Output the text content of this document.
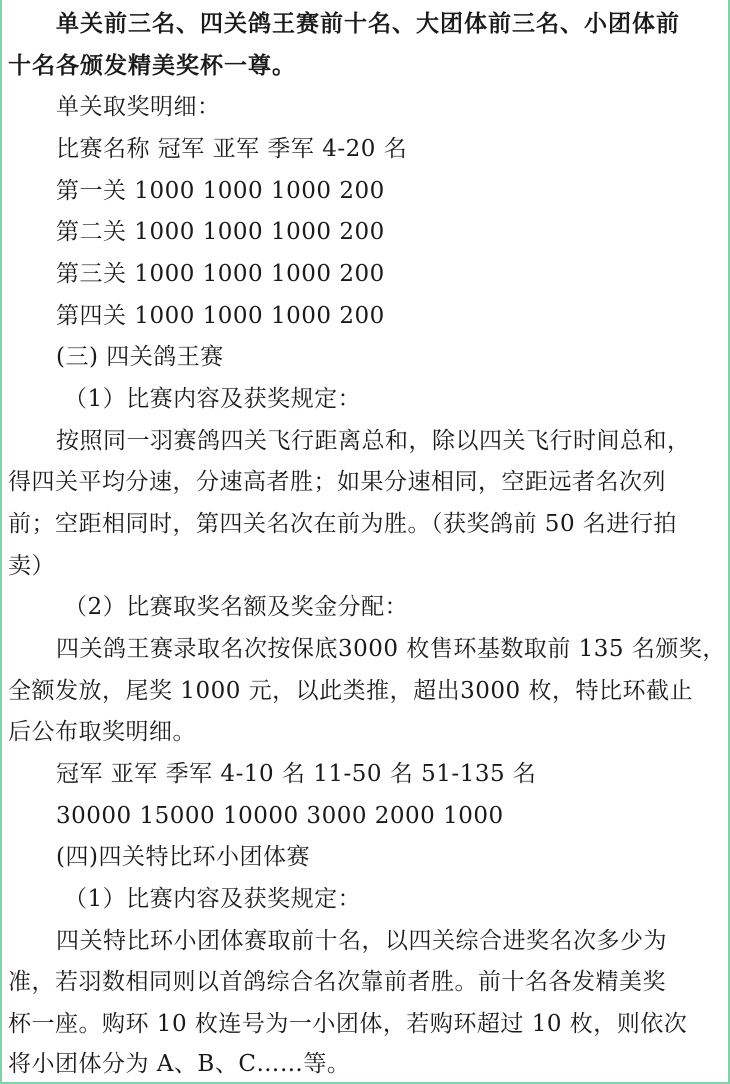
单关前三名、四关鸽王赛前十名、大团体前三名、小团体前
十名各颁发精美奖杯一尊。
单关取奖明细：
比赛名称 冠军 亚军 季军 4-20 名
第一关 1000 1000 1000 200
第二关 1000 1000 1000 200
第三关 1000 1000 1000 200
第四关 1000 1000 1000 200
(三) 四关鸽王赛
（1）比赛内容及获奖规定：
按照同一羽赛鸽四关飞行距离总和，除以四关飞行时间总和，
得四关平均分速，分速高者胜；如果分速相同，空距远者名次列
前；空距相同时，第四关名次在前为胜。（获奖鸽前 50 名进行拍
卖）
（2）比赛取奖名额及奖金分配：
四关鸽王赛录取名次按保底3000 枚售环基数取前 135 名颁奖，
全额发放，尾奖 1000 元，以此类推，超出3000 枚，特比环截止
后公布取奖明细。
冠军 亚军 季军 4-10 名 11-50 名 51-135 名
30000 15000 10000 3000 2000 1000
(四)四关特比环小团体赛
（1）比赛内容及获奖规定：
四关特比环小团体赛取前十名，以四关综合进奖名次多少为
准，若羽数相同则以首鸽综合名次靠前者胜。前十名各发精美奖
杯一座。购环 10 枚连号为一小团体，若购环超过 10 枚，则依次
将小团体分为 A、B、C……等。
